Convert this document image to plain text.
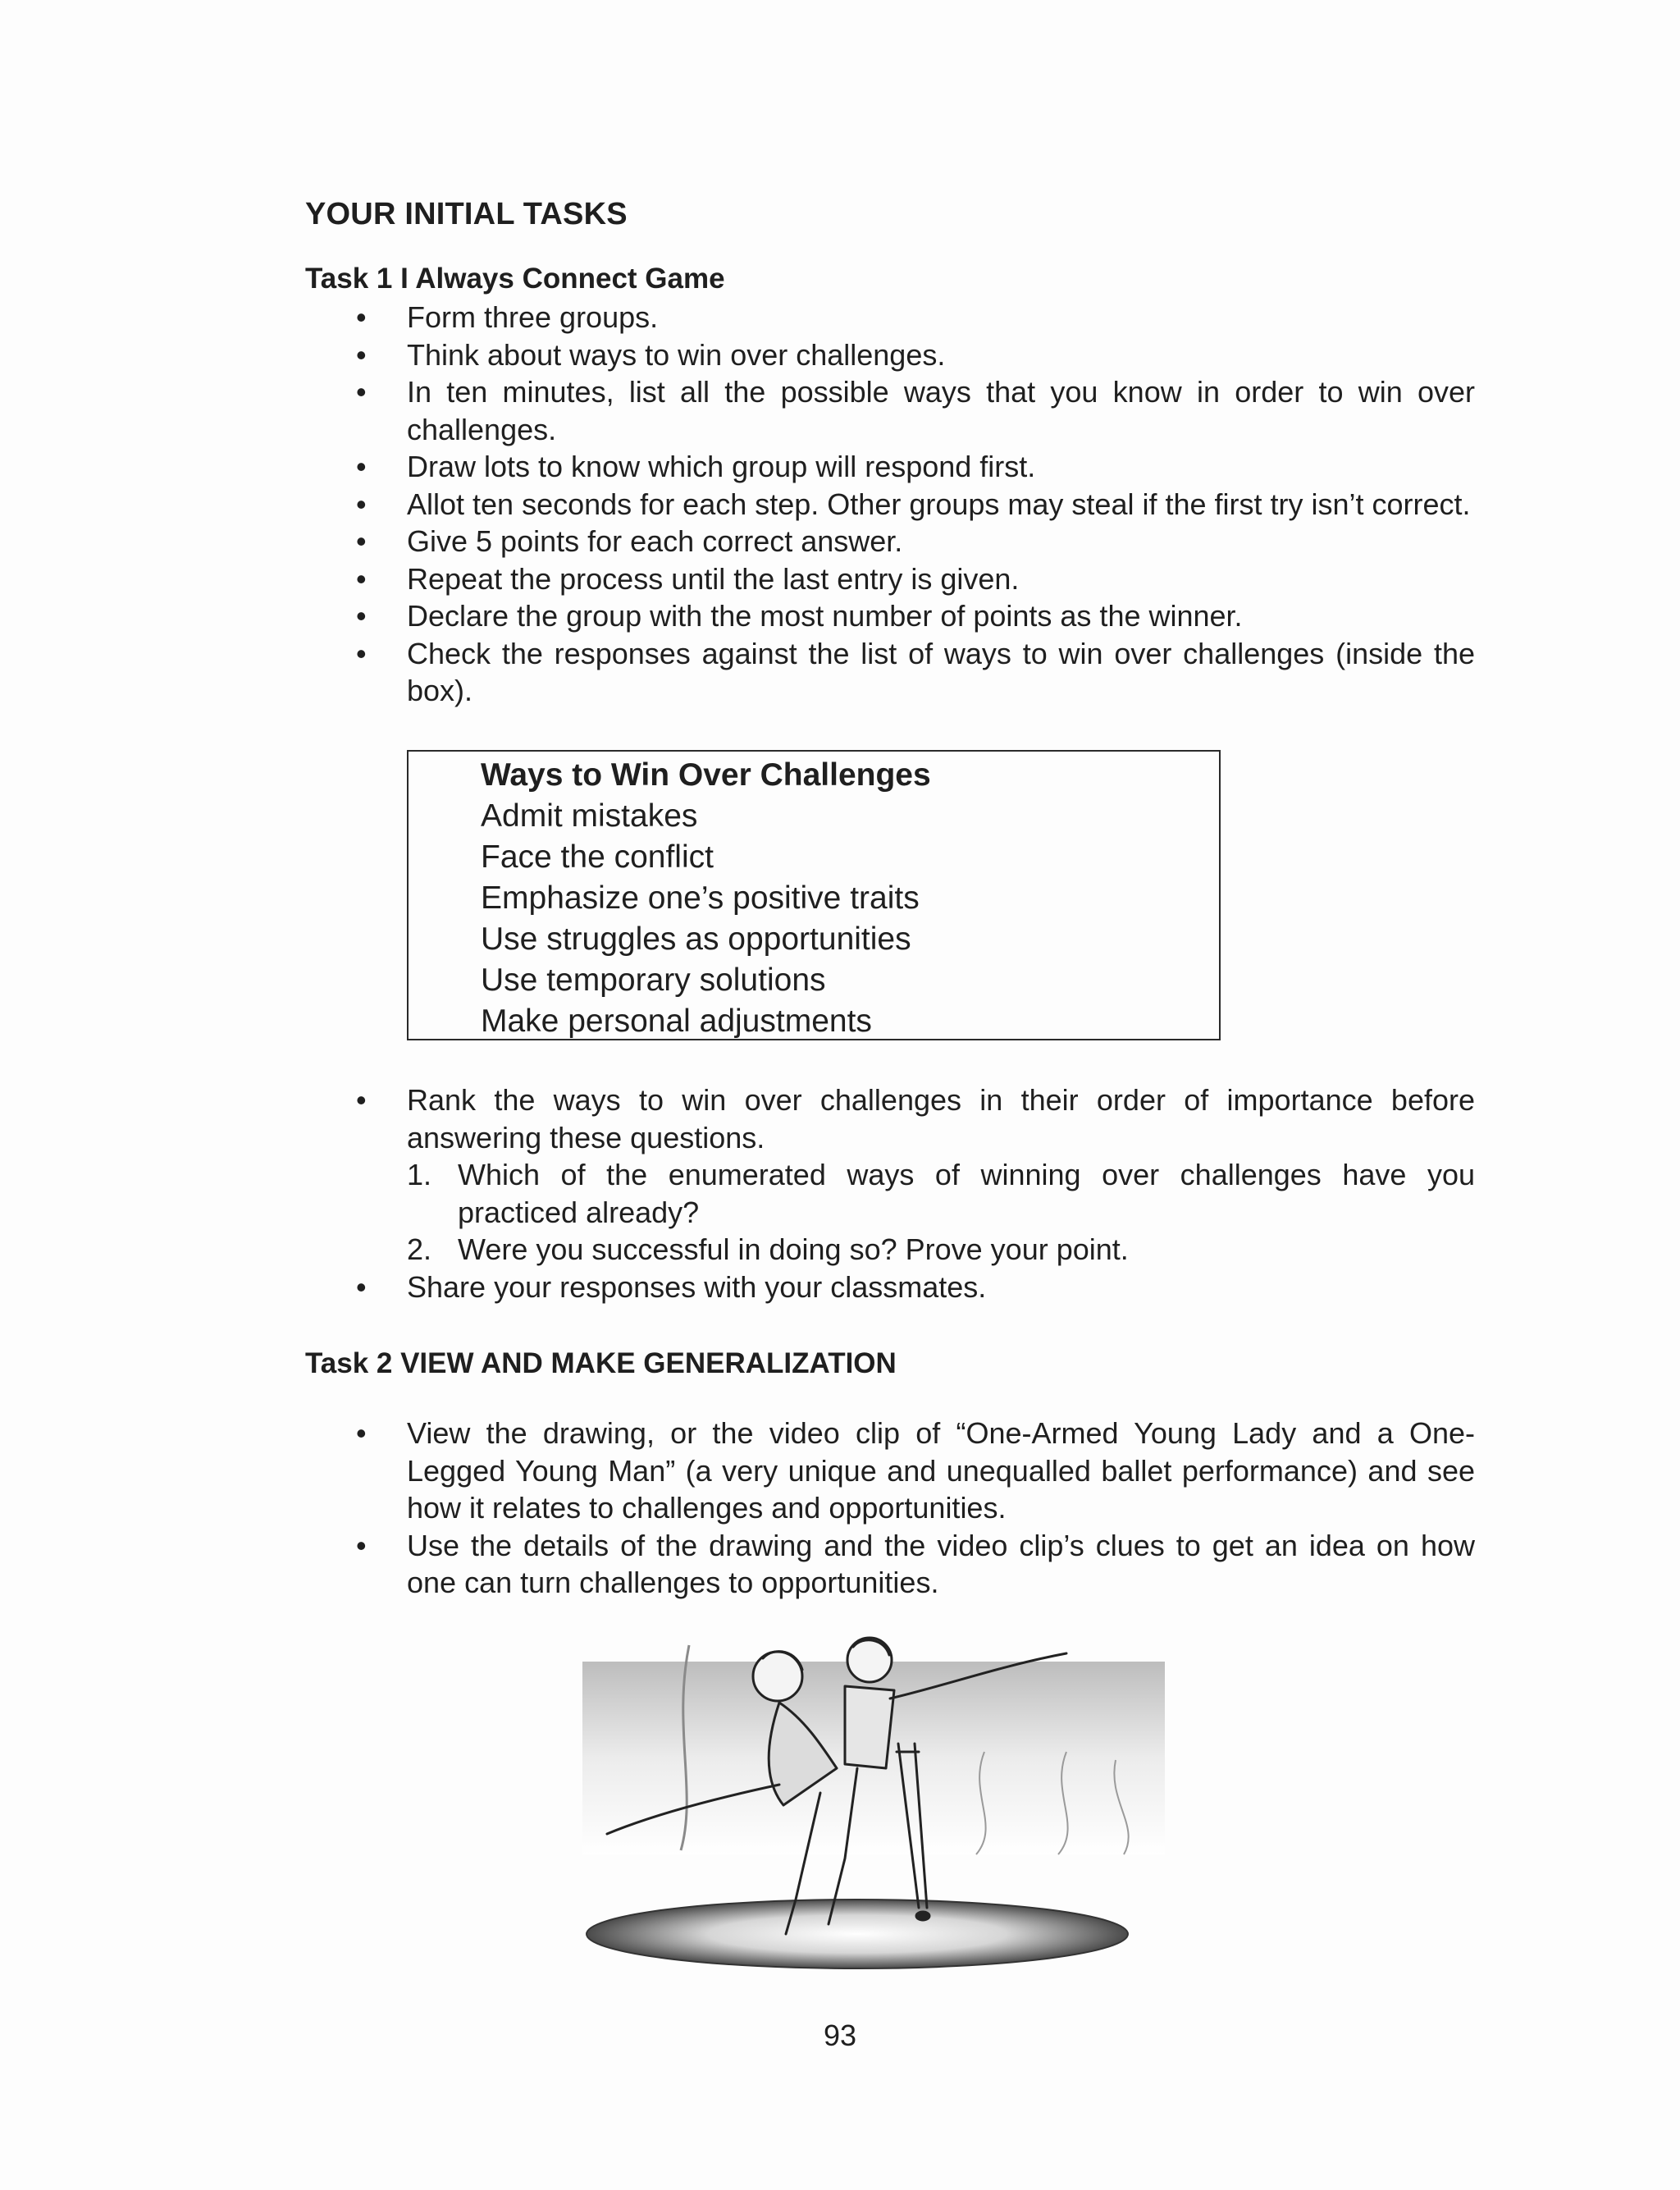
YOUR INITIAL TASKS
Task 1 I Always Connect Game
• Form three groups.
• Think about ways to win over challenges.
• In ten minutes, list all the possible ways that you know in order to win over challenges.
• Draw lots to know which group will respond first.
• Allot ten seconds for each step. Other groups may steal if the first try isn’t correct.
• Give 5 points for each correct answer.
• Repeat the process until the last entry is given.
• Declare the group with the most number of points as the winner.
• Check the responses against the list of ways to win over challenges (inside the box).
Ways to Win Over Challenges
Admit mistakes
Face the conflict
Emphasize one’s positive traits
Use struggles as opportunities
Use temporary solutions
Make personal adjustments
• Rank the ways to win over challenges in their order of importance before answering these questions.
1. Which of the enumerated ways of winning over challenges have you practiced already?
2. Were you successful in doing so? Prove your point.
• Share your responses with your classmates.
Task 2 VIEW AND MAKE GENERALIZATION
• View the drawing, or the video clip of “One-Armed Young Lady and a One-Legged Young Man” (a very unique and unequalled ballet performance) and see how it relates to challenges and opportunities.
• Use the details of the drawing and the video clip’s clues to get an idea on how one can turn challenges to opportunities.
93
